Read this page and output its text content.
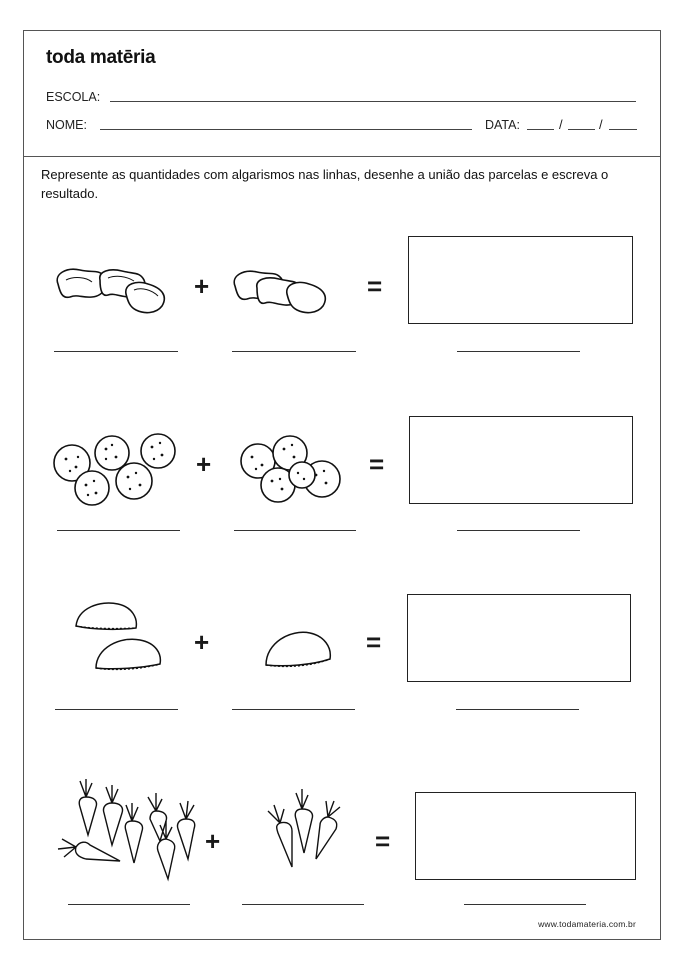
toda matēria
ESCOLA:
NOME:	DATA:	/	/
Represente as quantidades com algarismos nas linhas, desenhe a união das parcelas e escreva o resultado.
+	=
+	=
+	=
+	=
www.todamateria.com.br
